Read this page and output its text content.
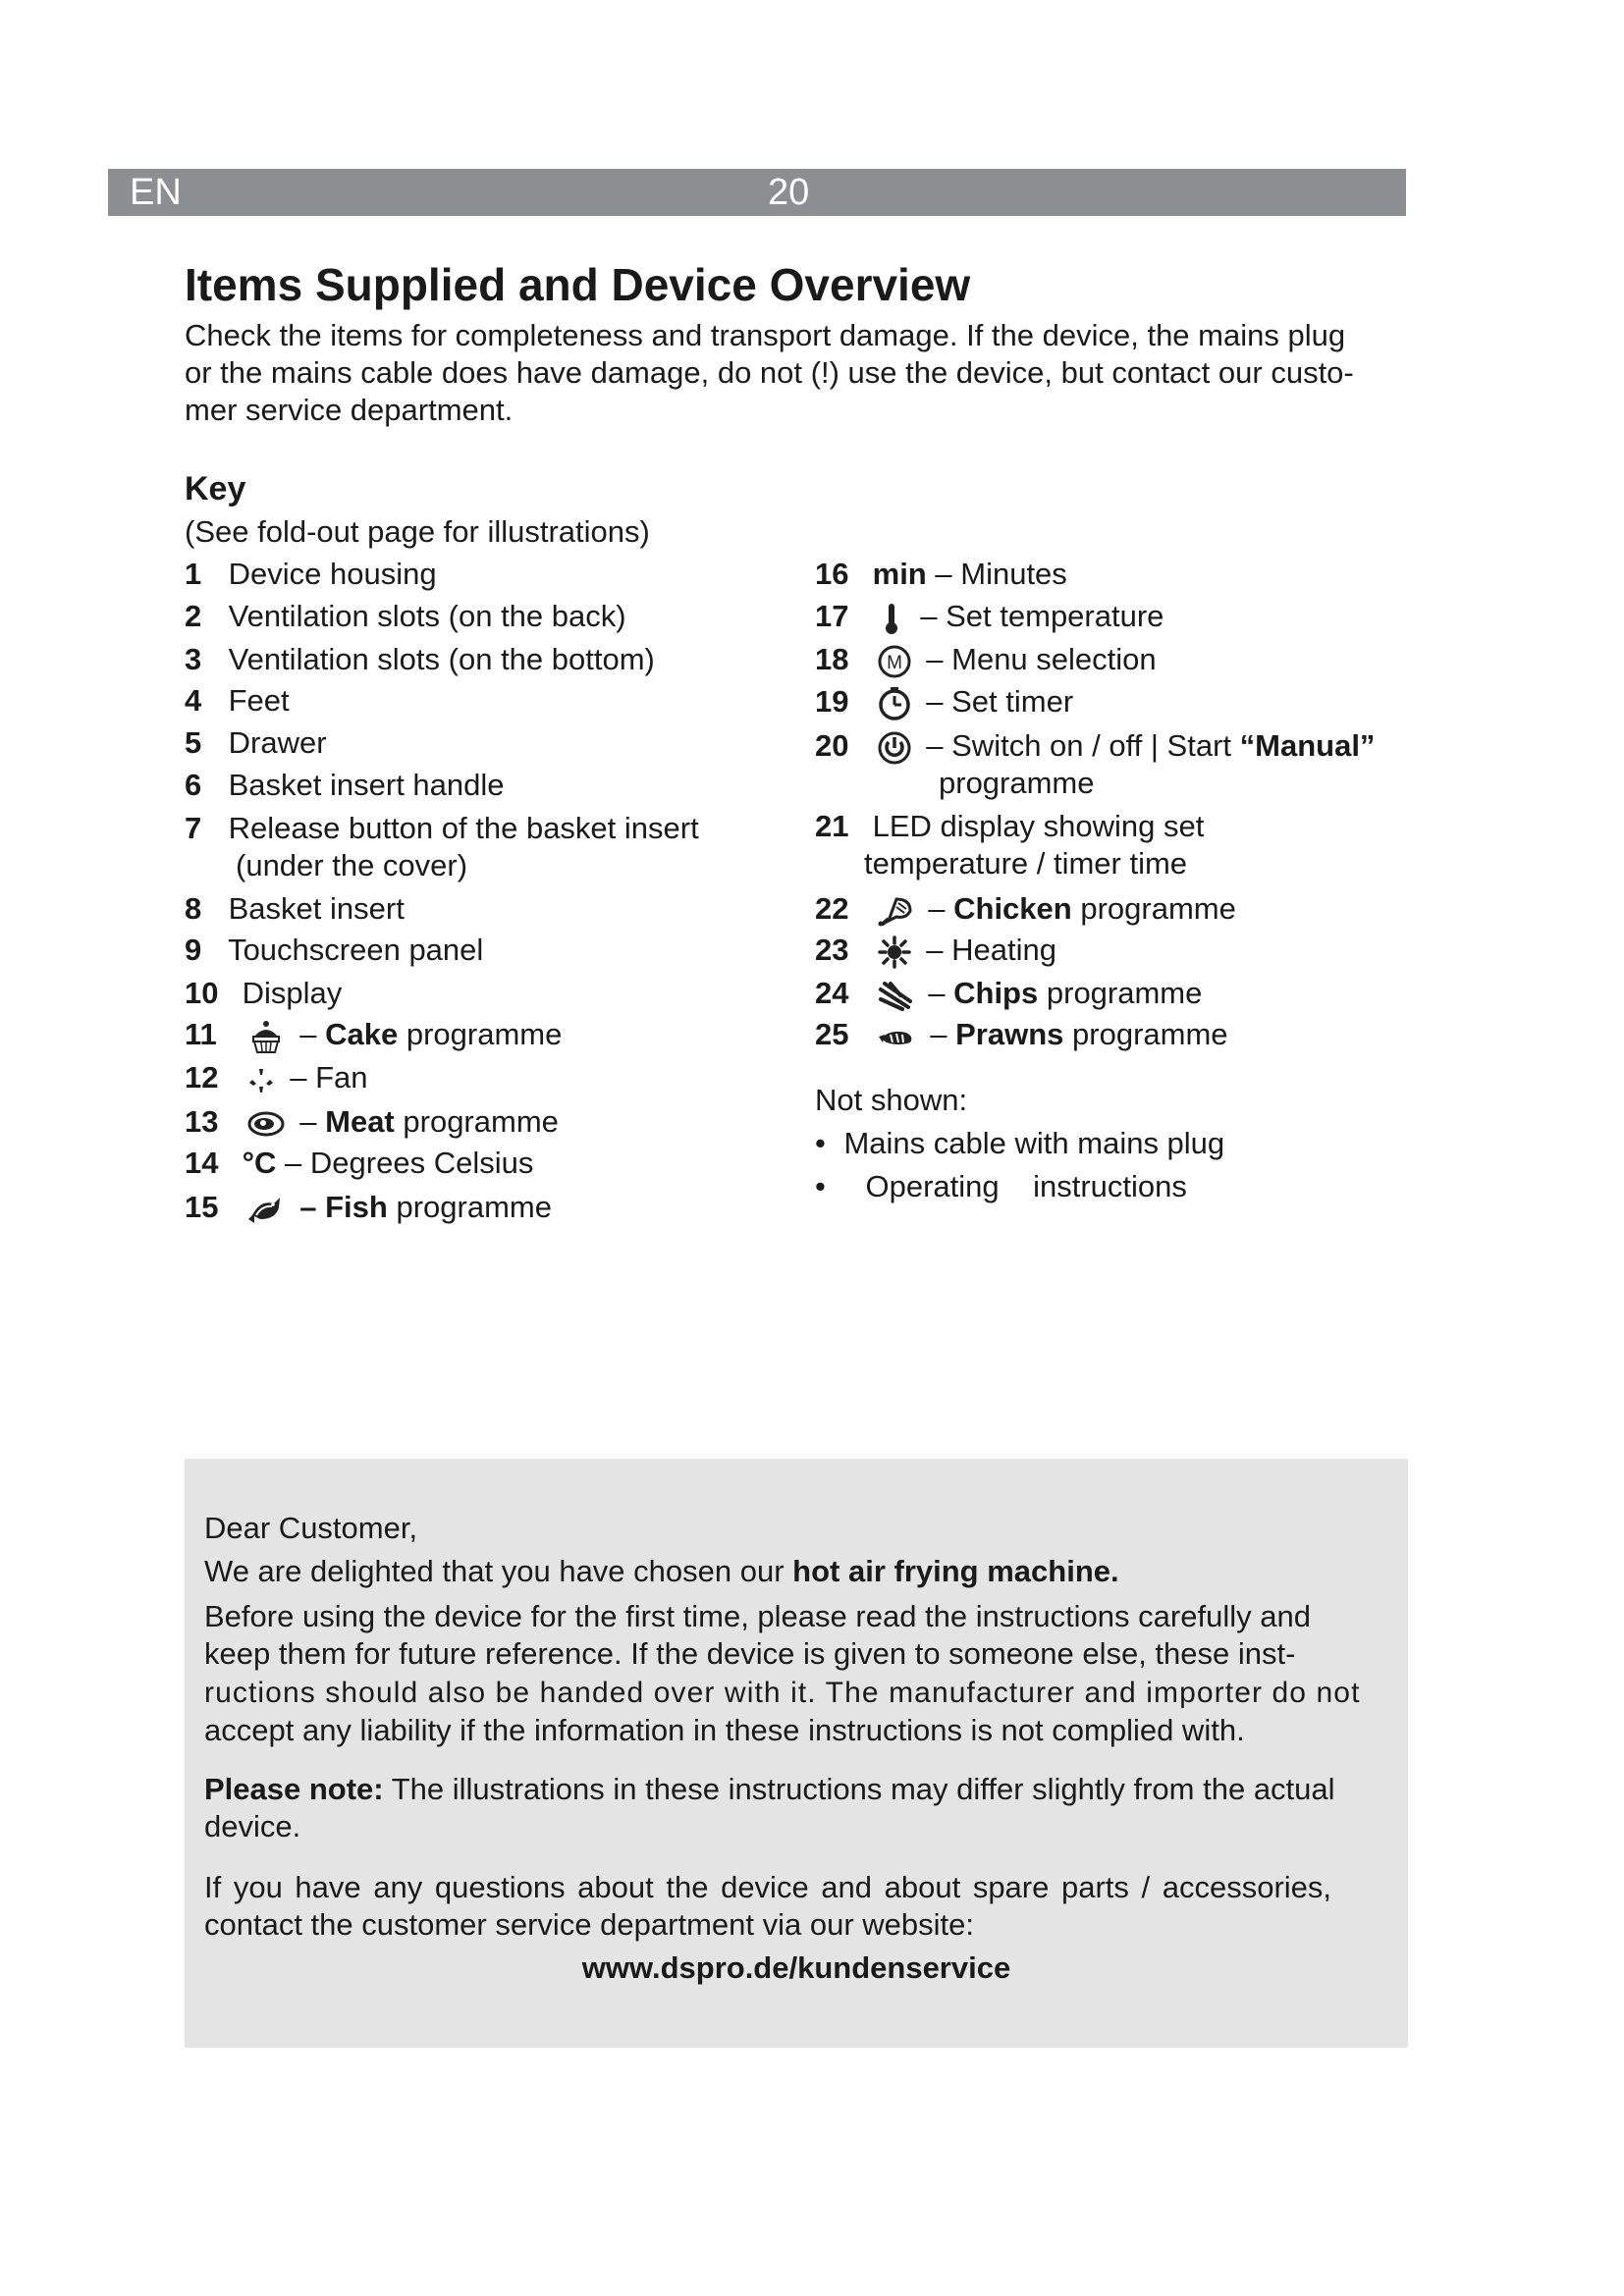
EN	20
Items Supplied and Device Overview
Check the items for completeness and transport damage. If the device, the mains plug
or the mains cable does have damage, do not (!) use the device, but contact our custo-
mer service department.
Key
(See fold-out page for illustrations)
1 Device housing
2 Ventilation slots (on the back)
3 Ventilation slots (on the bottom)
4 Feet
5 Drawer
6 Basket insert handle
7 Release button of the basket insert
(under the cover)
8 Basket insert
9 Touchscreen panel
10 Display
11	– Cake programme
12 – Fan
13	– Meat programme
14 °C – Degrees Celsius
15	– Fish programme
16 min – Minutes
17 – Set temperature
18 M – Menu selection
19	– Set timer
20	– Switch on / off | Start “Manual”
programme
21 LED display showing set
temperature / timer time
22	– Chicken programme
23	– Heating
24	– Chips programme
25	– Prawns programme
Not shown:
• Mains cable with mains plug
• Operating    instructions

Dear Customer,

We are delighted that you have chosen our hot air frying machine.

Before using the device for the first time, please read the instructions carefully and

keep them for future reference. If the device is given to someone else, these inst-

ructions should also be handed over with it. The manufacturer and importer do not

accept any liability if the information in these instructions is not complied with.

Please note: The illustrations in these instructions may differ slightly from the actual

device.

If you have any questions about the device and about spare parts / accessories,

contact the customer service department via our website:

www.dspro.de/kundenservice
